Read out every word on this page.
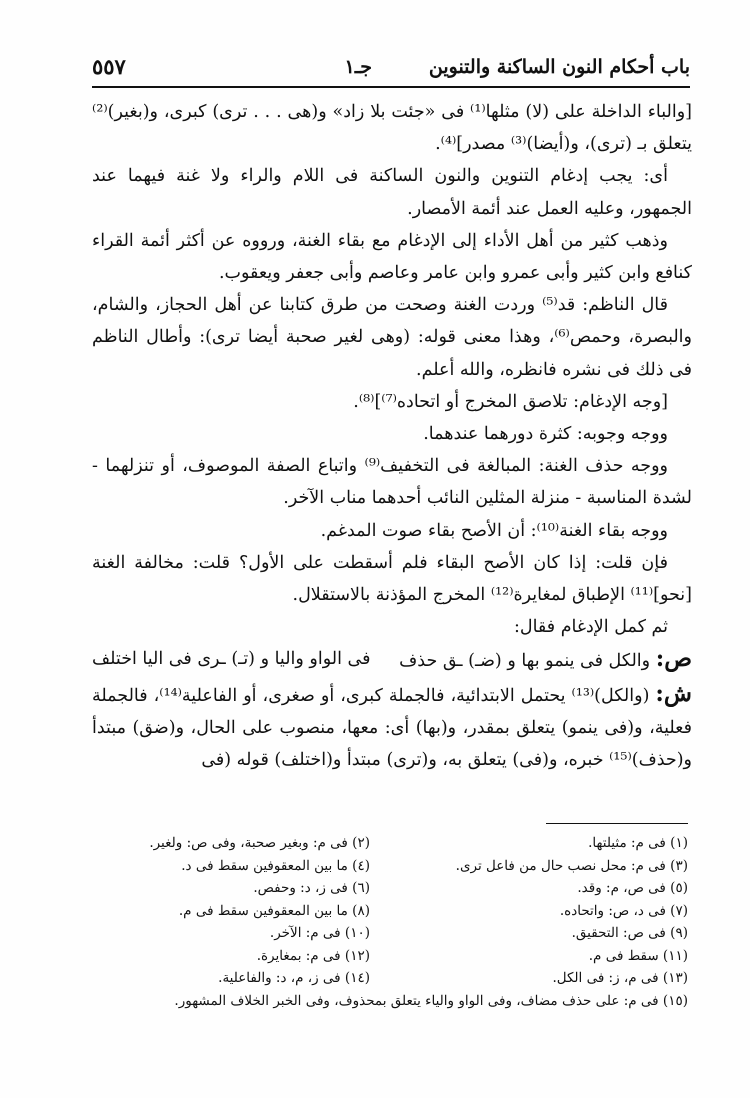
باب أحكام النون الساكنة والتنوين
جـ١
٥٥٧

[والباء الداخلة على (لا) مثلها⁽¹⁾ فى «جئت بلا زاد» و(هى . . . ترى) كبرى، و(بغير)⁽²⁾ يتعلق بـ (ترى)، و(أيضا)⁽³⁾ مصدر]⁽⁴⁾.

أى: يجب إدغام التنوين والنون الساكنة فى اللام والراء ولا غنة فيهما عند الجمهور، وعليه العمل عند أئمة الأمصار.

وذهب كثير من أهل الأداء إلى الإدغام مع بقاء الغنة، ورووه عن أكثر أئمة القراء كنافع وابن كثير وأبى عمرو وابن عامر وعاصم وأبى جعفر ويعقوب.

قال الناظم: قد⁽⁵⁾ وردت الغنة وصحت من طرق كتابنا عن أهل الحجاز، والشام، والبصرة، وحمص⁽⁶⁾، وهذا معنى قوله: (وهى لغير صحبة أيضا ترى): وأطال الناظم فى ذلك فى نشره فانظره، والله أعلم.

[وجه الإدغام: تلاصق المخرج أو اتحاده⁽⁷⁾]⁽⁸⁾.

ووجه وجوبه: كثرة دورهما عندهما.

ووجه حذف الغنة: المبالغة فى التخفيف⁽⁹⁾ واتباع الصفة الموصوف، أو تنزلهما - لشدة المناسبة - منزلة المثلين النائب أحدهما مناب الآخر.

ووجه بقاء الغنة⁽¹⁰⁾: أن الأصح بقاء صوت المدغم.

فإن قلت: إذا كان الأصح البقاء فلم أسقطت على الأول؟ قلت: مخالفة الغنة [نحو]⁽¹¹⁾ الإطباق لمغايرة⁽¹²⁾ المخرج المؤذنة بالاستقلال.

ثم كمل الإدغام فقال:

ص: والكل فى ينمو بها و (ضـ) ـق حذف
فى الواو واليا و (تـ) ـرى فى اليا اختلف

ش: (والكل)⁽¹³⁾ يحتمل الابتدائية، فالجملة كبرى، أو صغرى، أو الفاعلية⁽¹⁴⁾، فالجملة فعلية، و(فى ينمو) يتعلق بمقدر، و(بها) أى: معها، منصوب على الحال، و(ضق) مبتدأ و(حذف)⁽¹⁵⁾ خبره، و(فى) يتعلق به، و(ترى) مبتدأ و(اختلف) قوله (فى

(١) فى م: مثيلتها.
(٢) فى م: وبغير صحبة، وفى ص: ولغير.
(٣) فى م: محل نصب حال من فاعل ترى.
(٤) ما بين المعقوفين سقط فى د.
(٥) فى ص، م: وقد.
(٦) فى ز، د: وحفص.
(٧) فى د، ص: واتحاده.
(٨) ما بين المعقوفين سقط فى م.
(٩) فى ص: التحقيق.
(١٠) فى م: الآخر.
(١١) سقط فى م.
(١٢) فى م: بمغايرة.
(١٣) فى م، ز: فى الكل.
(١٤) فى ز، م، د: والفاعلية.
(١٥) فى م: على حذف مضاف، وفى الواو والياء يتعلق بمحذوف، وفى الخبر الخلاف المشهور.
